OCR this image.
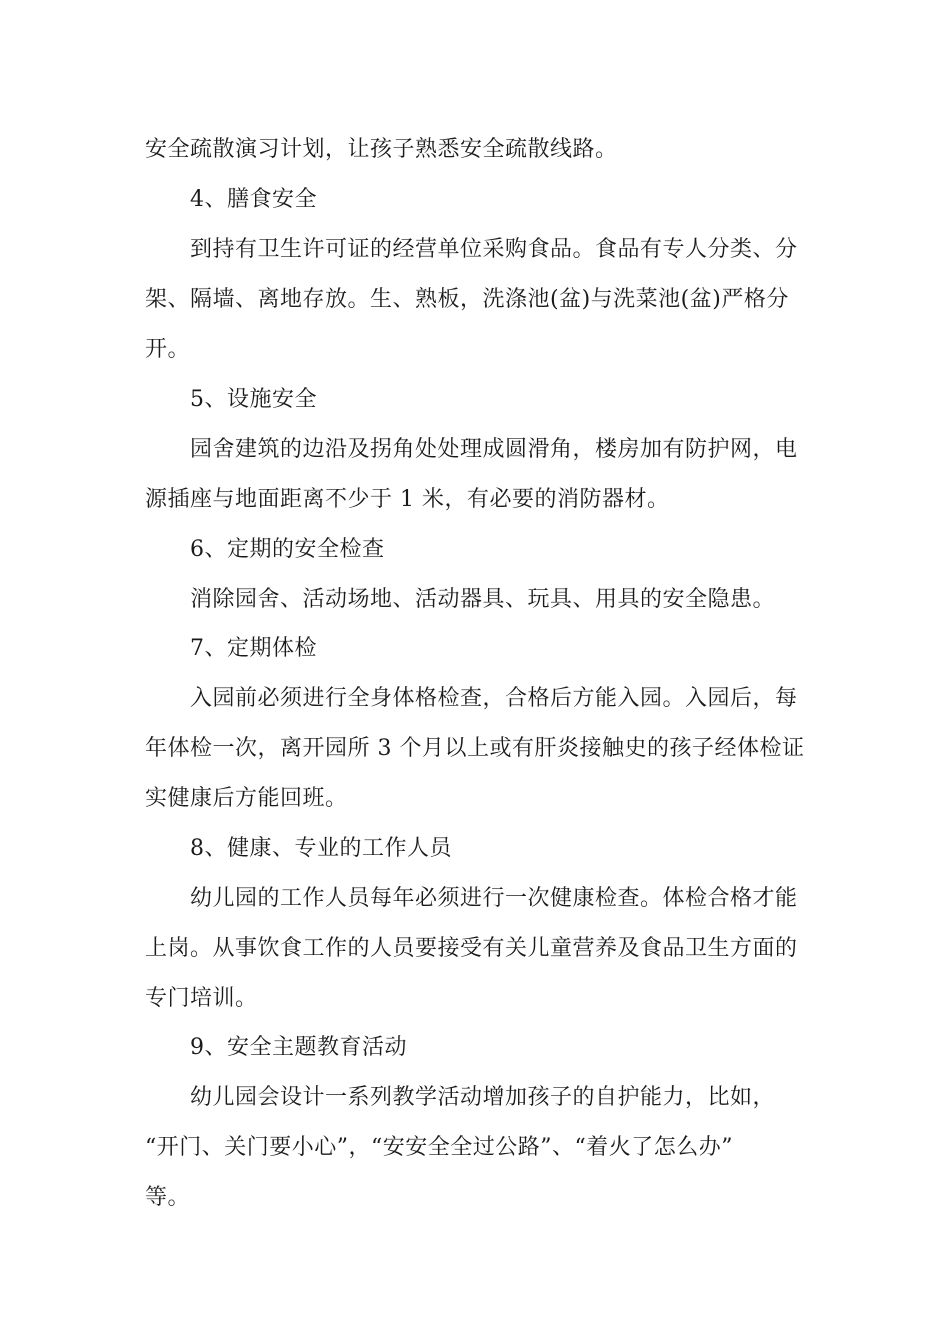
安全疏散演习计划，让孩子熟悉安全疏散线路。
4、膳食安全
到持有卫生许可证的经营单位采购食品。食品有专人分类、分
架、隔墙、离地存放。生、熟板，洗涤池(盆)与洗菜池(盆)严格分
开。
5、设施安全
园舍建筑的边沿及拐角处处理成圆滑角，楼房加有防护网，电
源插座与地面距离不少于 1 米，有必要的消防器材。
6、定期的安全检查
消除园舍、活动场地、活动器具、玩具、用具的安全隐患。
7、定期体检
入园前必须进行全身体格检查，合格后方能入园。入园后，每
年体检一次，离开园所 3 个月以上或有肝炎接触史的孩子经体检证
实健康后方能回班。
8、健康、专业的工作人员
幼儿园的工作人员每年必须进行一次健康检查。体检合格才能
上岗。从事饮食工作的人员要接受有关儿童营养及食品卫生方面的
专门培训。
9、安全主题教育活动
幼儿园会设计一系列教学活动增加孩子的自护能力，比如，
“开门、关门要小心”，“安安全全过公路”、“着火了怎么办”
等。
